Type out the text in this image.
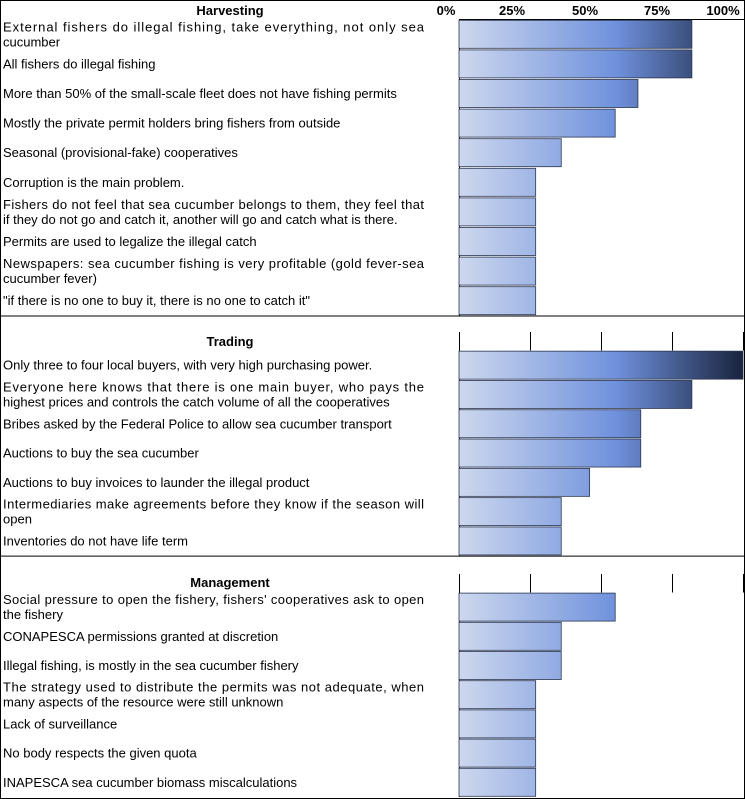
0%	25%	50%	75%	100%
Harvesting
External fishers do illegal fishing, take everything, not only sea
cucumber
All fishers do illegal fishing
More than 50% of the small-scale fleet does not have fishing permits
Mostly the private permit holders bring fishers from outside
Seasonal (provisional-fake) cooperatives
Corruption is the main problem.
Fishers do not feel that sea cucumber belongs to them, they feel that
if they do not go and catch it, another will go and catch what is there.
Permits are used to legalize the illegal catch
Newspapers: sea cucumber fishing is very profitable (gold fever-sea
cucumber fever)
"if there is no one to buy it, there is no one to catch it"
Trading
Only three to four local buyers, with very high purchasing power.
Everyone here knows that there is one main buyer, who pays the
highest prices and controls the catch volume of all the cooperatives
Bribes asked by the Federal Police to allow sea cucumber transport
Auctions to buy the sea cucumber
Auctions to buy invoices to launder the illegal product
Intermediaries make agreements before they know if the season will
open
Inventories do not have life term
Management
Social pressure to open the fishery, fishers' cooperatives ask to open
the fishery
CONAPESCA permissions granted at discretion
Illegal fishing, is mostly in the sea cucumber fishery
The strategy used to distribute the permits was not adequate, when
many aspects of the resource were still unknown
Lack of surveillance
No body respects the given quota
INAPESCA sea cucumber biomass miscalculations
